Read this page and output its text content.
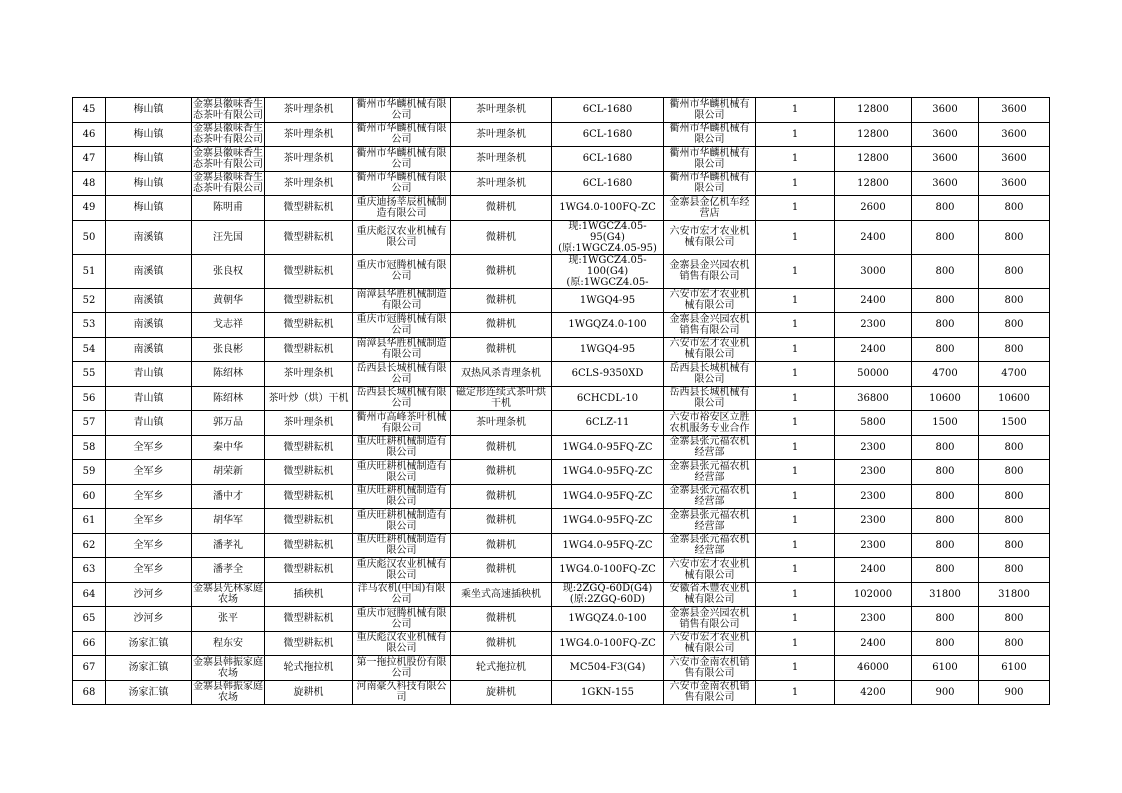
45	梅山镇	金寨县徽味香生态茶叶有限公司	茶叶理条机	衢州市华麟机械有限公司	茶叶理条机	6CL-1680	衢州市华麟机械有限公司	1	12800	3600	3600
46	梅山镇	金寨县徽味香生态茶叶有限公司	茶叶理条机	衢州市华麟机械有限公司	茶叶理条机	6CL-1680	衢州市华麟机械有限公司	1	12800	3600	3600
47	梅山镇	金寨县徽味香生态茶叶有限公司	茶叶理条机	衢州市华麟机械有限公司	茶叶理条机	6CL-1680	衢州市华麟机械有限公司	1	12800	3600	3600
48	梅山镇	金寨县徽味香生态茶叶有限公司	茶叶理条机	衢州市华麟机械有限公司	茶叶理条机	6CL-1680	衢州市华麟机械有限公司	1	12800	3600	3600
49	梅山镇	陈明甫	微型耕耘机	重庆迪扬莘辰机械制造有限公司	微耕机	1WG4.0-100FQ-ZC	金寨县金亿机车经营店	1	2600	800	800
50	南溪镇	汪先国	微型耕耘机	重庆彪汉农业机械有限公司	微耕机	现:1WGCZ4.05-95(G4)(原:1WGCZ4.05-95)	六安市宏才农业机械有限公司	1	2400	800	800
51	南溪镇	张良权	微型耕耘机	重庆市冠腾机械有限公司	微耕机	现:1WGCZ4.05-100(G4)(原:1WGCZ4.05-	金寨县金兴园农机销售有限公司	1	3000	800	800
52	南溪镇	黄朝华	微型耕耘机	南漳县华胜机械制造有限公司	微耕机	1WGQ4-95	六安市宏才农业机械有限公司	1	2400	800	800
53	南溪镇	戈志祥	微型耕耘机	重庆市冠腾机械有限公司	微耕机	1WGQZ4.0-100	金寨县金兴园农机销售有限公司	1	2300	800	800
54	南溪镇	张良彬	微型耕耘机	南漳县华胜机械制造有限公司	微耕机	1WGQ4-95	六安市宏才农业机械有限公司	1	2400	800	800
55	青山镇	陈绍林	茶叶理条机	岳西县长城机械有限公司	双热风杀青理条机	6CLS-9350XD	岳西县长城机械有限公司	1	50000	4700	4700
56	青山镇	陈绍林	茶叶炒（烘）干机	岳西县长城机械有限公司	磁定形连续式茶叶烘干机	6CHCDL-10	岳西县长城机械有限公司	1	36800	10600	10600
57	青山镇	郭万品	茶叶理条机	衢州市高峰茶叶机械有限公司	茶叶理条机	6CLZ-11	六安市裕安区立胜农机服务专业合作	1	5800	1500	1500
58	全军乡	秦中华	微型耕耘机	重庆旺耕机械制造有限公司	微耕机	1WG4.0-95FQ-ZC	金寨县张元福农机经营部	1	2300	800	800
59	全军乡	胡荣新	微型耕耘机	重庆旺耕机械制造有限公司	微耕机	1WG4.0-95FQ-ZC	金寨县张元福农机经营部	1	2300	800	800
60	全军乡	潘中才	微型耕耘机	重庆旺耕机械制造有限公司	微耕机	1WG4.0-95FQ-ZC	金寨县张元福农机经营部	1	2300	800	800
61	全军乡	胡华军	微型耕耘机	重庆旺耕机械制造有限公司	微耕机	1WG4.0-95FQ-ZC	金寨县张元福农机经营部	1	2300	800	800
62	全军乡	潘孝礼	微型耕耘机	重庆旺耕机械制造有限公司	微耕机	1WG4.0-95FQ-ZC	金寨县张元福农机经营部	1	2300	800	800
63	全军乡	潘孝全	微型耕耘机	重庆彪汉农业机械有限公司	微耕机	1WG4.0-100FQ-ZC	六安市宏才农业机械有限公司	1	2400	800	800
64	沙河乡	金寨县先林家庭农场	插秧机	洋马农机(中国)有限公司	乘坐式高速插秧机	现:2ZGQ-60D(G4)(原:2ZGQ-60D)	安徽省禾豐农业机械有限公司	1	102000	31800	31800
65	沙河乡	张平	微型耕耘机	重庆市冠腾机械有限公司	微耕机	1WGQZ4.0-100	金寨县金兴园农机销售有限公司	1	2300	800	800
66	汤家汇镇	程东安	微型耕耘机	重庆彪汉农业机械有限公司	微耕机	1WG4.0-100FQ-ZC	六安市宏才农业机械有限公司	1	2400	800	800
67	汤家汇镇	金寨县韩振家庭农场	轮式拖拉机	第一拖拉机股份有限公司	轮式拖拉机	MC504-F3(G4)	六安市金南农机销售有限公司	1	46000	6100	6100
68	汤家汇镇	金寨县韩振家庭农场	旋耕机	河南豪久科技有限公司	旋耕机	1GKN-155	六安市金南农机销售有限公司	1	4200	900	900
